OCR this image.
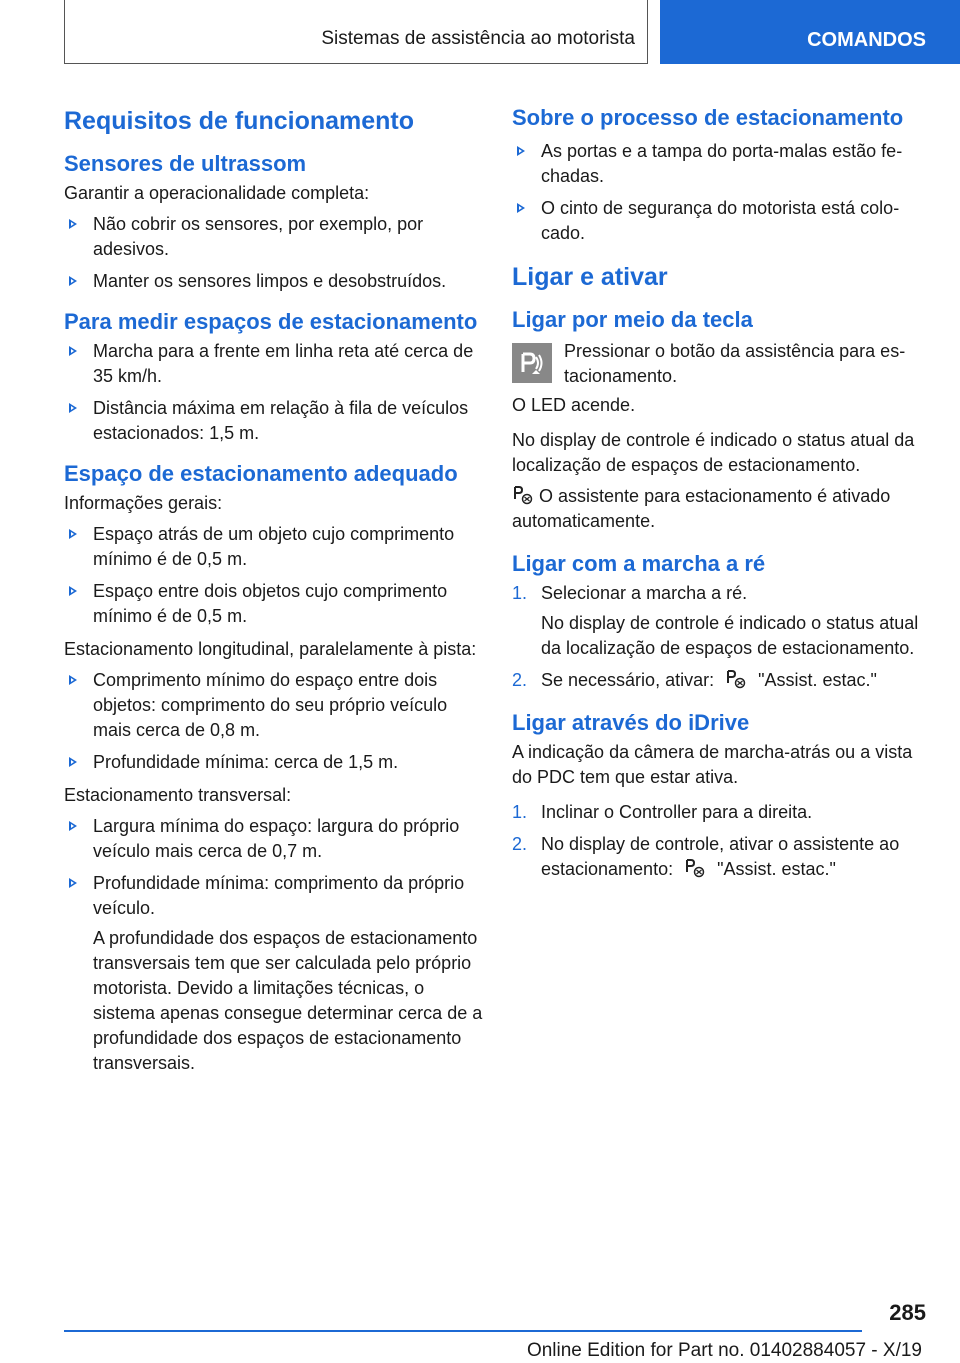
Sistemas de assistência ao motorista	COMANDOS
Requisitos de funcionamento
Sensores de ultrassom

Garantir a operacionalidade completa:

Não cobrir os sensores, por exemplo, por adesivos.
Manter os sensores limpos e desobstruídos.
Para medir espaços de estacionamento
Marcha para a frente em linha reta até cerca de 35 km/h.
Distância máxima em relação à fila de veículos estacionados: 1,5 m.
Espaço de estacionamento adequado

Informações gerais:

Espaço atrás de um objeto cujo comprimento mínimo é de 0,5 m.
Espaço entre dois objetos cujo comprimento mínimo é de 0,5 m.

Estacionamento longitudinal, paralelamente à pista:

Comprimento mínimo do espaço entre dois objetos: comprimento do seu próprio veículo mais cerca de 0,8 m.
Profundidade mínima: cerca de 1,5 m.

Estacionamento transversal:

Largura mínima do espaço: largura do próprio veículo mais cerca de 0,7 m.
Profundidade mínima: comprimento da próprio veículo.

A profundidade dos espaços de estacionamento transversais tem que ser calculada pelo próprio motorista. Devido a limitações técnicas, o sistema apenas consegue determinar cerca de a profundidade dos espaços de estacionamento transversais.

Sobre o processo de estacionamento
As portas e a tampa do porta-malas estão fechadas.
O cinto de segurança do motorista está colocado.
Ligar e ativar
Ligar por meio da tecla

Pressionar o botão da assistência para estacionamento.

O LED acende.

No display de controle é indicado o status atual da localização de espaços de estacionamento.

O assistente para estacionamento é ativado automaticamente.

Ligar com a marcha a ré
1. Selecionar a marcha a ré.

No display de controle é indicado o status atual da localização de espaços de estacionamento.

2. Se necessário, ativar: "Assist. estac."
Ligar através do iDrive

A indicação da câmera de marcha-atrás ou a vista do PDC tem que estar ativa.

1. Inclinar o Controller para a direita.
2. No display de controle, ativar o assistente ao estacionamento: "Assist. estac."

285

Online Edition for Part no. 01402884057 - X/19
